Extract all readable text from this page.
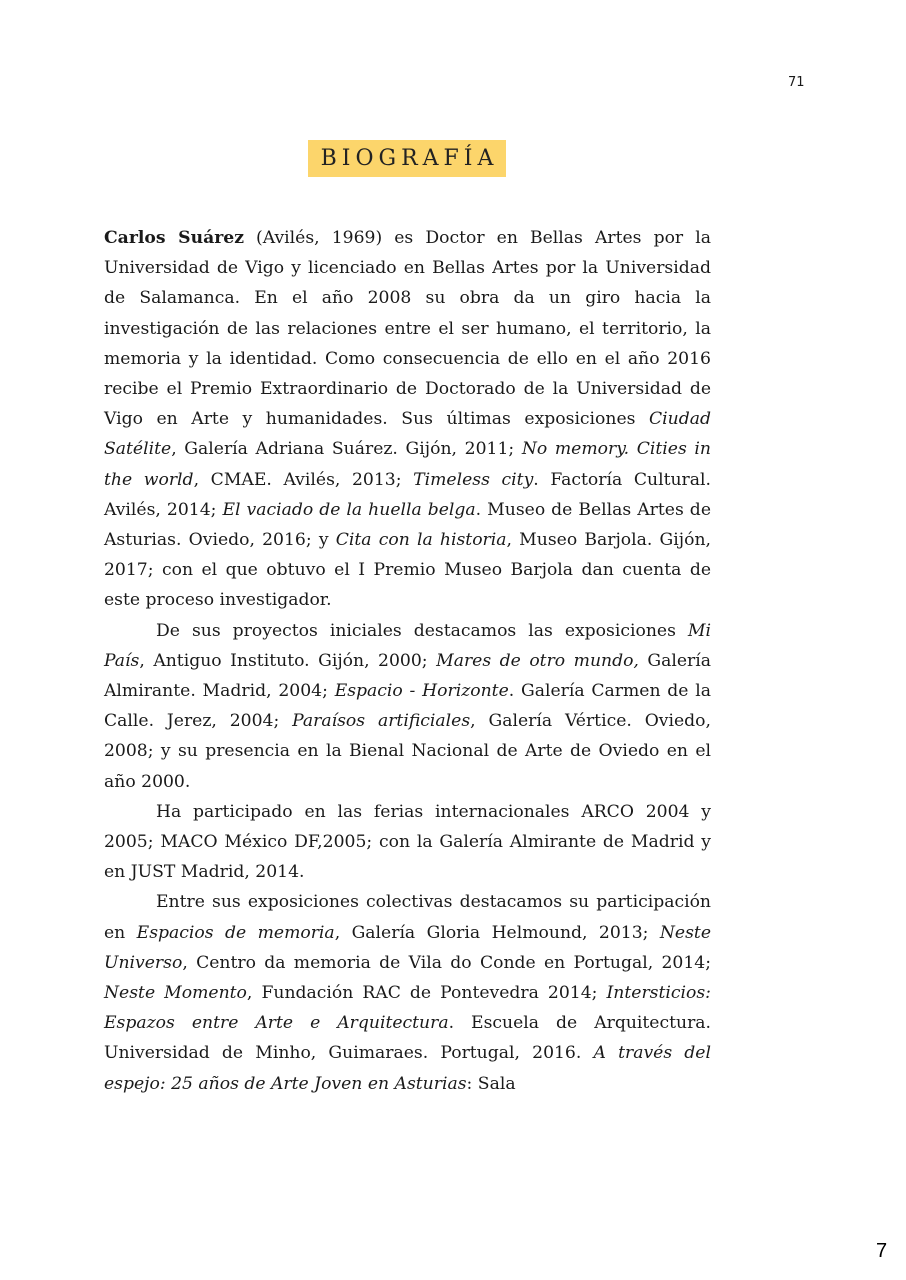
71
BIOGRAFÍA

Carlos Suárez (Avilés, 1969) es Doctor en Bellas Artes por la Universidad de Vigo y licenciado en Bellas Artes por la Universidad de Salamanca. En el año 2008 su obra da un giro hacia la investigación de las relaciones entre el ser humano, el territorio, la memoria y la identidad. Como consecuencia de ello en el año 2016 recibe el Premio Extraordinario de Doctorado de la Universidad de Vigo en Arte y humanidades. Sus últimas exposiciones Ciudad Satélite, Galería Adriana Suárez. Gijón, 2011; No memory. Cities in the world, CMAE. Avilés, 2013; Timeless city. Factoría Cultural. Avilés, 2014; El vaciado de la huella belga. Museo de Bellas Artes de Asturias. Oviedo, 2016; y Cita con la historia, Museo Barjola. Gijón, 2017; con el que obtuvo el I Premio Museo Barjola dan cuenta de este proceso investigador.

De sus proyectos iniciales destacamos las exposiciones Mi País, Antiguo Instituto. Gijón, 2000; Mares de otro mundo, Galería Almirante. Madrid, 2004; Espacio - Horizonte. Galería Carmen de la Calle. Jerez, 2004; Paraísos artificiales, Galería Vértice. Oviedo, 2008; y su presencia en la Bienal Nacional de Arte de Oviedo en el año 2000.

Ha participado en las ferias internacionales ARCO 2004 y 2005; MACO México DF,2005; con la Galería Almirante de Madrid y en JUST Madrid, 2014.

Entre sus exposiciones colectivas destacamos su participación en Espacios de memoria, Galería Gloria Helmound, 2013; Neste Universo, Centro da memoria de Vila do Conde en Portugal, 2014; Neste Momento, Fundación RAC de Pontevedra 2014; Intersticios: Espazos entre Arte e Arquitectura. Escuela de Arquitectura. Universidad de Minho, Guimaraes. Portugal, 2016. A través del espejo: 25 años de Arte Joven en Asturias: Sala

7
